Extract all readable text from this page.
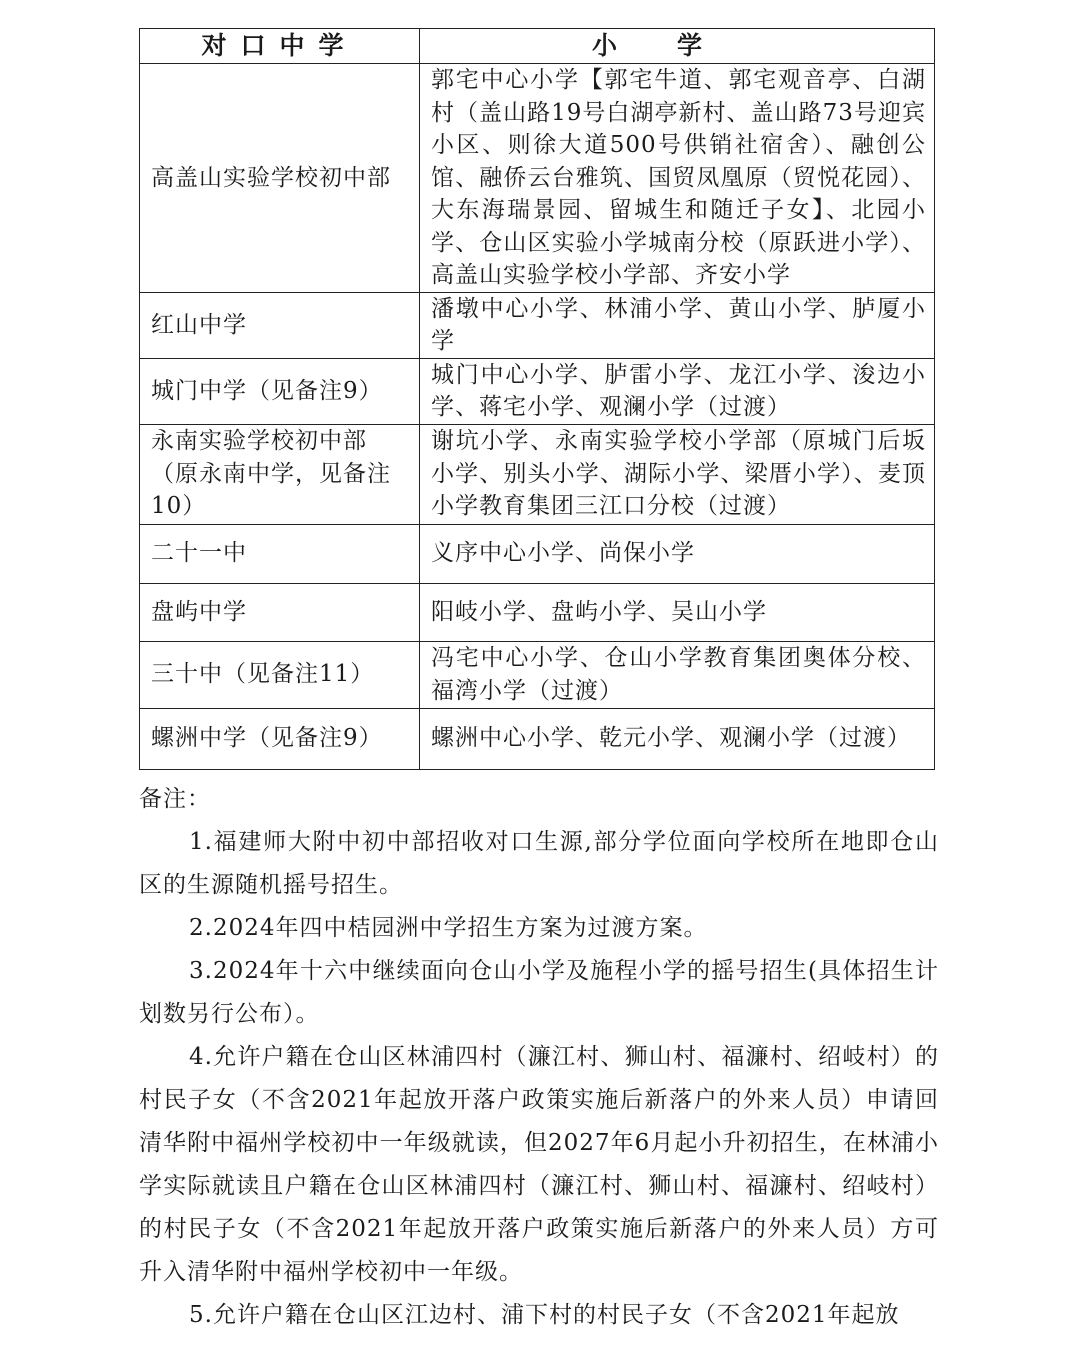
对口中学	小学
高盖山实验学校初中部	郭宅中心小学【郭宅牛道、郭宅观音亭、白湖村（盖山路19号白湖亭新村、盖山路73号迎宾小区、则徐大道500号供销社宿舍）、融创公馆、融侨云台雅筑、国贸凤凰原（贸悦花园）、大东海瑞景园、留城生和随迁子女】、北园小学、仓山区实验小学城南分校（原跃进小学）、高盖山实验学校小学部、齐安小学
红山中学	潘墩中心小学、林浦小学、黄山小学、胪厦小学
城门中学（见备注9）	城门中心小学、胪雷小学、龙江小学、浚边小学、蒋宅小学、观澜小学（过渡）
永南实验学校初中部（原永南中学，见备注10）	谢坑小学、永南实验学校小学部（原城门后坂小学、别头小学、湖际小学、梁厝小学）、麦顶小学教育集团三江口分校（过渡）
二十一中	义序中心小学、尚保小学
盘屿中学	阳岐小学、盘屿小学、吴山小学
三十中（见备注11）	冯宅中心小学、仓山小学教育集团奥体分校、福湾小学（过渡）
螺洲中学（见备注9）	螺洲中心小学、乾元小学、观澜小学（过渡）

备注：

1.福建师大附中初中部招收对口生源,部分学位面向学校所在地即仓山区的生源随机摇号招生。

2.2024年四中桔园洲中学招生方案为过渡方案。

3.2024年十六中继续面向仓山小学及施程小学的摇号招生(具体招生计划数另行公布）。

4.允许户籍在仓山区林浦四村（濂江村、狮山村、福濂村、绍岐村）的村民子女（不含2021年起放开落户政策实施后新落户的外来人员）申请回清华附中福州学校初中一年级就读，但2027年6月起小升初招生，在林浦小学实际就读且户籍在仓山区林浦四村（濂江村、狮山村、福濂村、绍岐村）的村民子女（不含2021年起放开落户政策实施后新落户的外来人员）方可升入清华附中福州学校初中一年级。

5.允许户籍在仓山区江边村、浦下村的村民子女（不含2021年起放
